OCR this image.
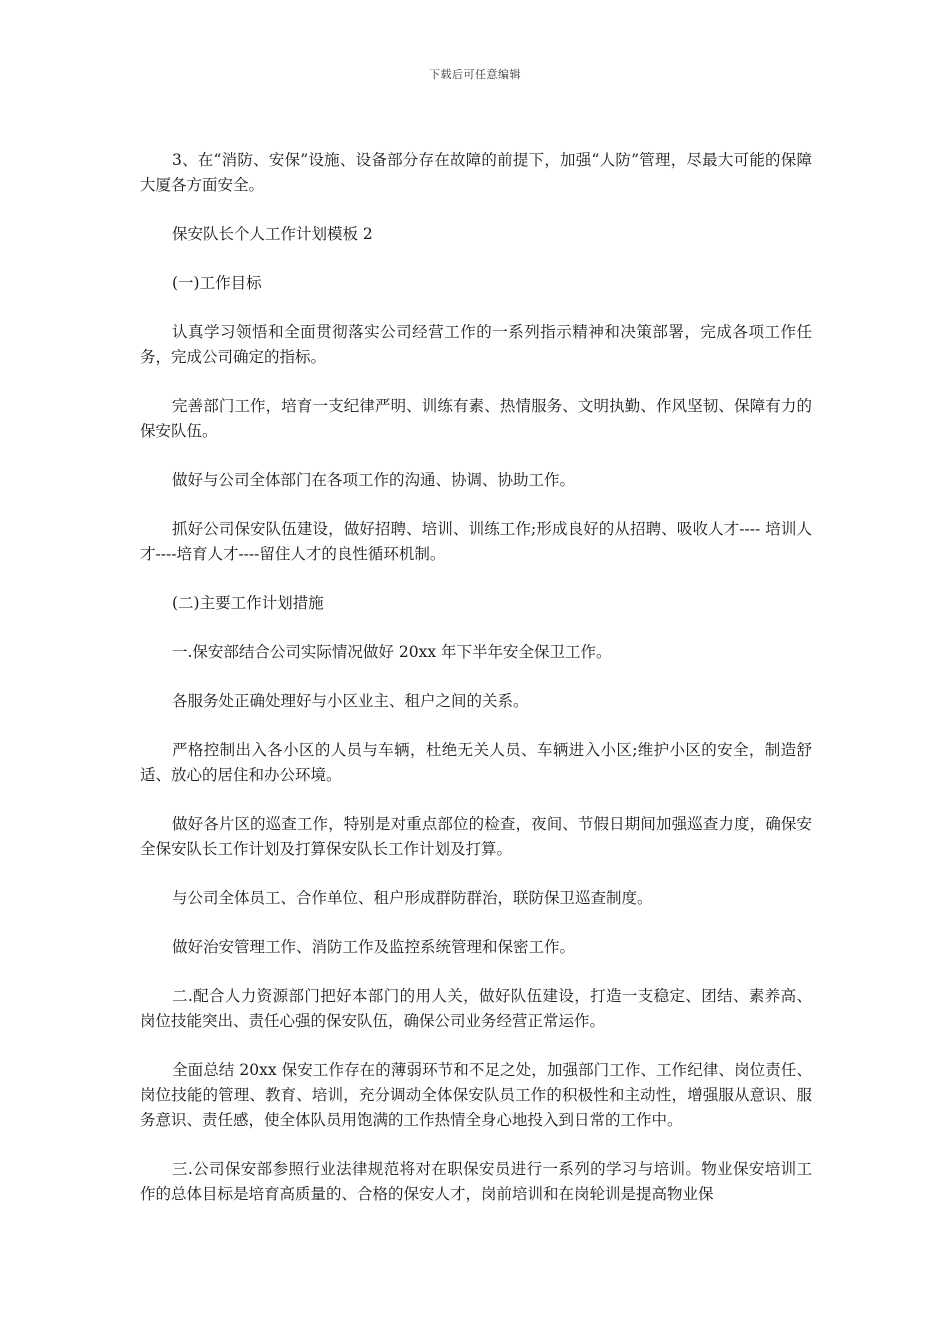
下载后可任意编辑

3、在“消防、安保”设施、设备部分存在故障的前提下，加强“人防”管理，尽最大可能的保障大厦各方面安全。

保安队长个人工作计划模板 2

(一)工作目标

认真学习领悟和全面贯彻落实公司经营工作的一系列指示精神和决策部署，完成各项工作任务，完成公司确定的指标。

完善部门工作，培育一支纪律严明、训练有素、热情服务、文明执勤、作风坚韧、保障有力的保安队伍。

做好与公司全体部门在各项工作的沟通、协调、协助工作。

抓好公司保安队伍建设，做好招聘、培训、训练工作;形成良好的从招聘、吸收人才---- 培训人才----培育人才----留住人才的良性循环机制。

(二)主要工作计划措施

一.保安部结合公司实际情况做好 20xx 年下半年安全保卫工作。

各服务处正确处理好与小区业主、租户之间的关系。

严格控制出入各小区的人员与车辆，杜绝无关人员、车辆进入小区;维护小区的安全，制造舒适、放心的居住和办公环境。

做好各片区的巡查工作，特别是对重点部位的检查，夜间、节假日期间加强巡查力度，确保安全保安队长工作计划及打算保安队长工作计划及打算。

与公司全体员工、合作单位、租户形成群防群治，联防保卫巡查制度。

做好治安管理工作、消防工作及监控系统管理和保密工作。

二.配合人力资源部门把好本部门的用人关，做好队伍建设，打造一支稳定、团结、素养高、岗位技能突出、责任心强的保安队伍，确保公司业务经营正常运作。

全面总结 20xx 保安工作存在的薄弱环节和不足之处，加强部门工作、工作纪律、岗位责任、岗位技能的管理、教育、培训，充分调动全体保安队员工作的积极性和主动性，增强服从意识、服务意识、责任感，使全体队员用饱满的工作热情全身心地投入到日常的工作中。

三.公司保安部参照行业法律规范将对在职保安员进行一系列的学习与培训。物业保安培训工作的总体目标是培育高质量的、合格的保安人才，岗前培训和在岗轮训是提高物业保
